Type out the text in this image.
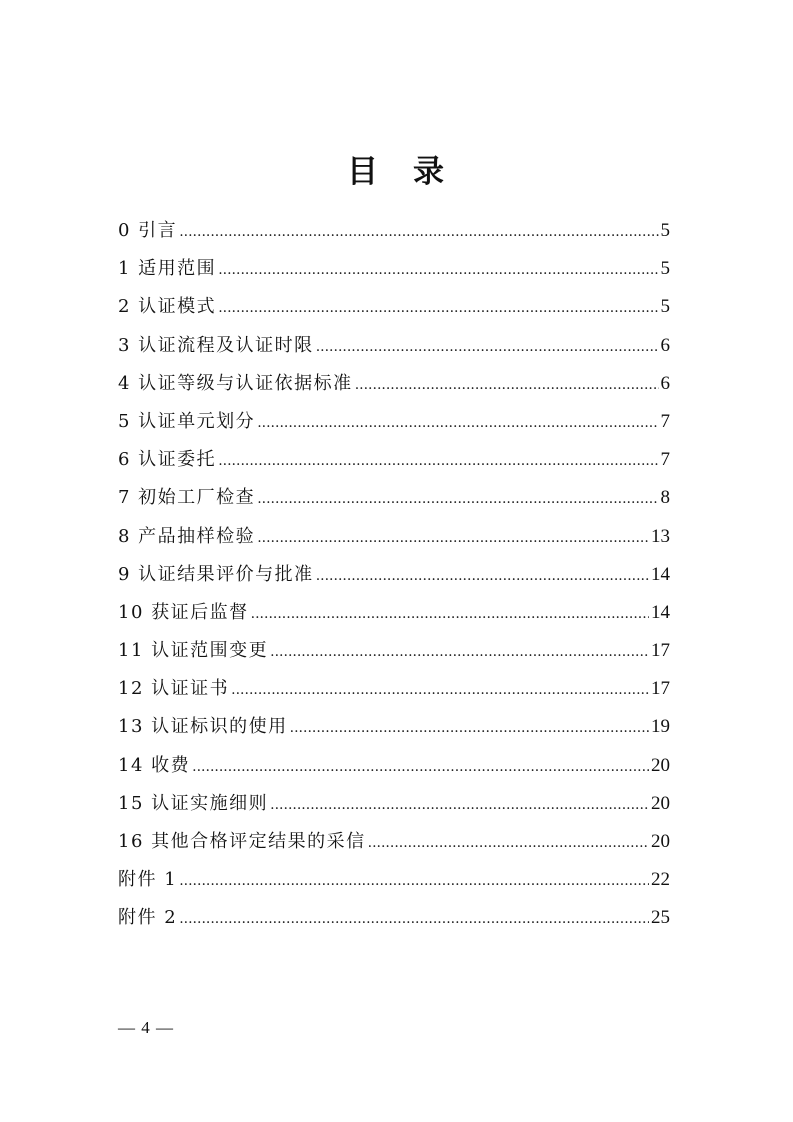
目　录
0 引言 .....	5
1 适用范围 .....	5
2 认证模式 .....	5
3 认证流程及认证时限 .....	6
4 认证等级与认证依据标准 .....	6
5 认证单元划分 .....	7
6 认证委托 .....	7
7 初始工厂检查 .....	8
8 产品抽样检验 .....	13
9 认证结果评价与批准 .....	14
10 获证后监督 .....	14
11 认证范围变更 .....	17
12 认证证书 .....	17
13 认证标识的使用 .....	19
14 收费 .....	20
15 认证实施细则 .....	20
16 其他合格评定结果的采信 .....	20
附件 1 .....	22
附件 2 .....	25
— 4 —
